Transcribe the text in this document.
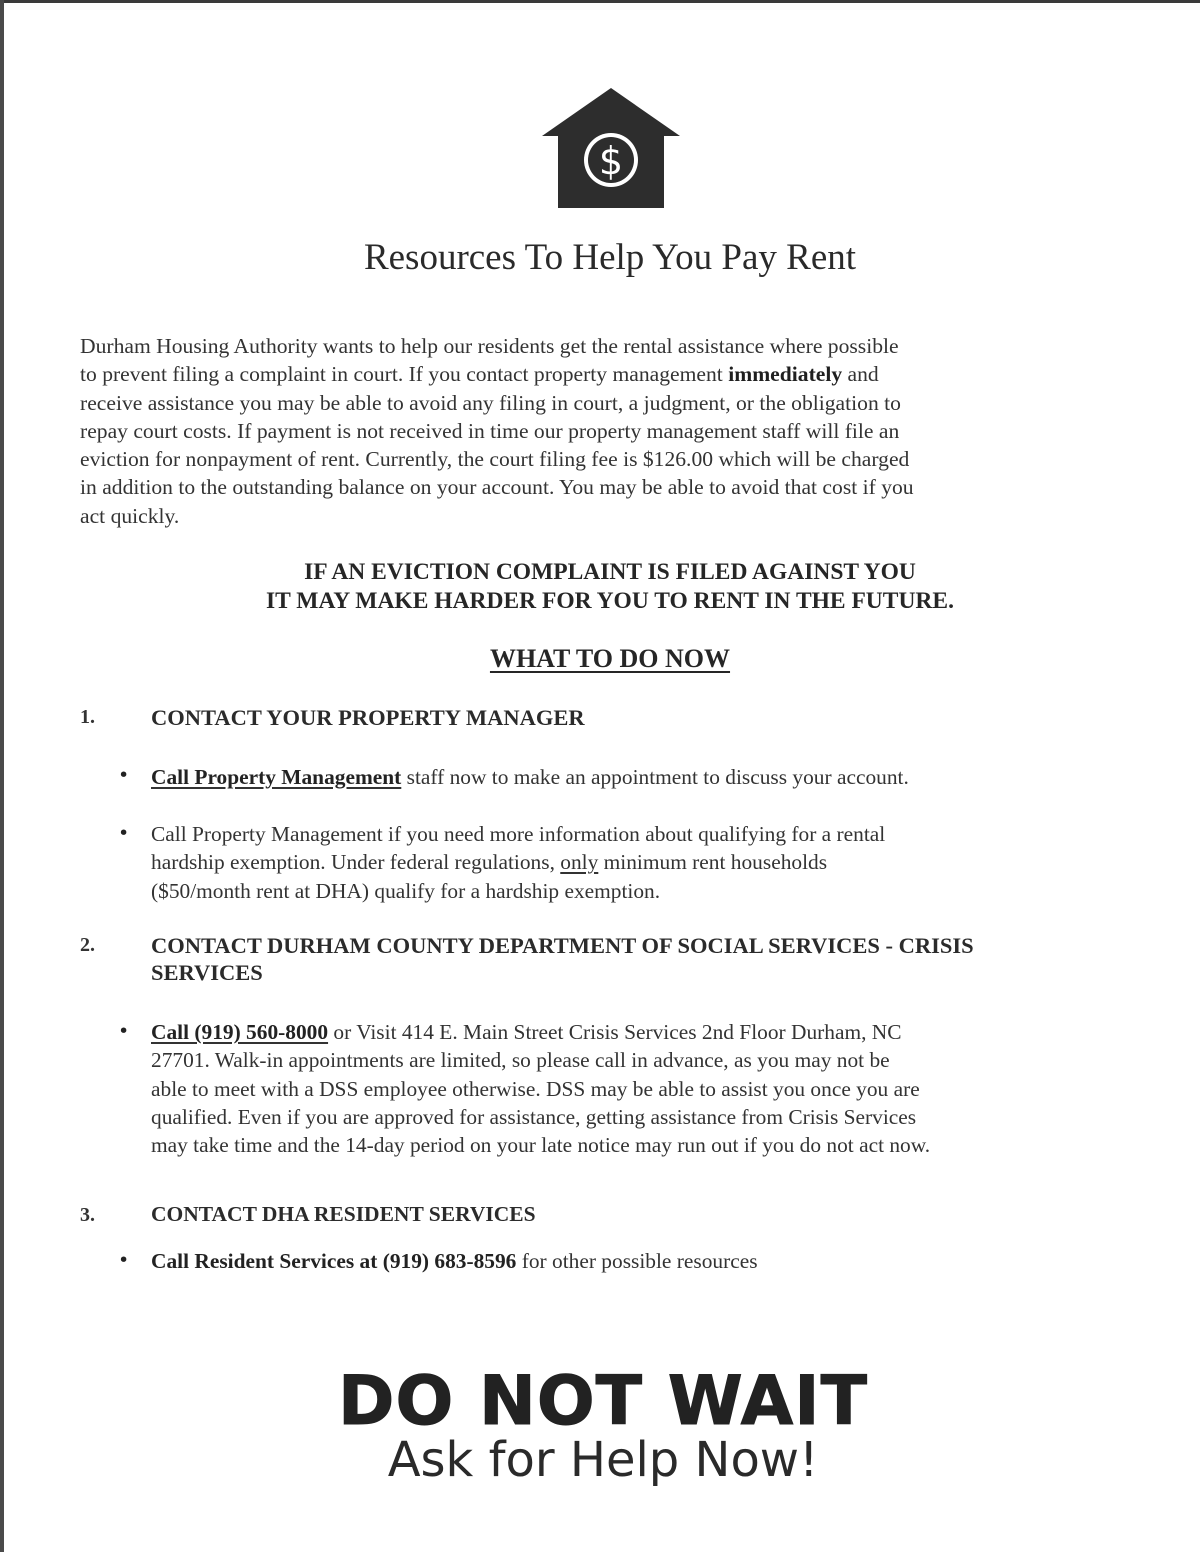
$
Resources To Help You Pay Rent
Durham Housing Authority wants to help our residents get the rental assistance where possible
to prevent filing a complaint in court. If you contact property management immediately and
receive assistance you may be able to avoid any filing in court, a judgment, or the obligation to
repay court costs. If payment is not received in time our property management staff will file an
eviction for nonpayment of rent. Currently, the court filing fee is $126.00 which will be charged
in addition to the outstanding balance on your account. You may be able to avoid that cost if you
act quickly.
IF AN EVICTION COMPLAINT IS FILED AGAINST YOU
IT MAY MAKE HARDER FOR YOU TO RENT IN THE FUTURE.
WHAT TO DO NOW
1. CONTACT YOUR PROPERTY MANAGER
• Call Property Management staff now to make an appointment to discuss your account.
• Call Property Management if you need more information about qualifying for a rental
hardship exemption. Under federal regulations, only minimum rent households
($50/month rent at DHA) qualify for a hardship exemption.
2. CONTACT DURHAM COUNTY DEPARTMENT OF SOCIAL SERVICES - CRISIS
SERVICES
• Call (919) 560-8000 or Visit 414 E. Main Street Crisis Services 2nd Floor Durham, NC
27701. Walk-in appointments are limited, so please call in advance, as you may not be
able to meet with a DSS employee otherwise. DSS may be able to assist you once you are
qualified. Even if you are approved for assistance, getting assistance from Crisis Services
may take time and the 14-day period on your late notice may run out if you do not act now.
3.	CONTACT DHA RESIDENT SERVICES
• Call Resident Services at (919) 683-8596 for other possible resources
DO NOT WAIT
Ask for Help Now!
